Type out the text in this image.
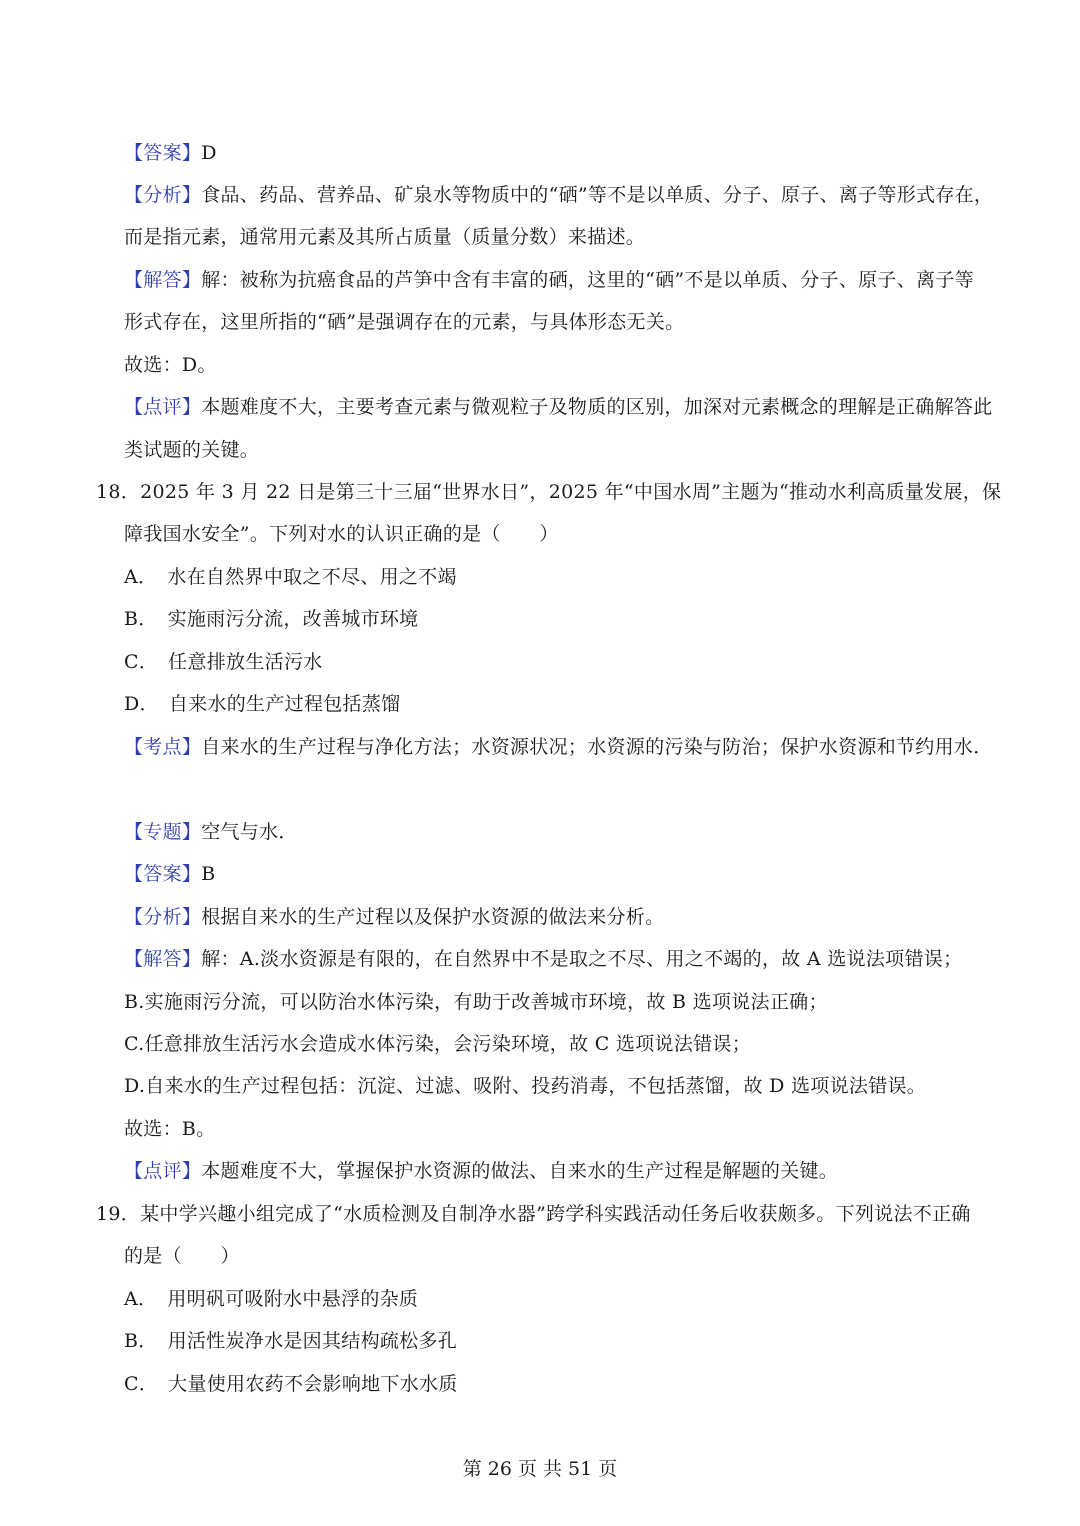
【答案】D
【分析】食品、药品、营养品、矿泉水等物质中的“硒”等不是以单质、分子、原子、离子等形式存在，
而是指元素，通常用元素及其所占质量（质量分数）来描述。
【解答】解：被称为抗癌食品的芦笋中含有丰富的硒，这里的“硒”不是以单质、分子、原子、离子等
形式存在，这里所指的“硒”是强调存在的元素，与具体形态无关。
故选：D。
【点评】本题难度不大，主要考查元素与微观粒子及物质的区别，加深对元素概念的理解是正确解答此
类试题的关键。
18．2025 年 3 月 22 日是第三十三届“世界水日”，2025 年“中国水周”主题为“推动水利高质量发展，保
障我国水安全”。下列对水的认识正确的是（　　）
A． 水在自然界中取之不尽、用之不竭
B． 实施雨污分流，改善城市环境
C． 任意排放生活污水
D． 自来水的生产过程包括蒸馏
【考点】自来水的生产过程与净化方法；水资源状况；水资源的污染与防治；保护水资源和节约用水．
【专题】空气与水．
【答案】B
【分析】根据自来水的生产过程以及保护水资源的做法来分析。
【解答】解：A.淡水资源是有限的，在自然界中不是取之不尽、用之不竭的，故 A 选说法项错误；
B.实施雨污分流，可以防治水体污染，有助于改善城市环境，故 B 选项说法正确；
C.任意排放生活污水会造成水体污染，会污染环境，故 C 选项说法错误；
D.自来水的生产过程包括：沉淀、过滤、吸附、投药消毒，不包括蒸馏，故 D 选项说法错误。
故选：B。
【点评】本题难度不大，掌握保护水资源的做法、自来水的生产过程是解题的关键。
19．某中学兴趣小组完成了“水质检测及自制净水器”跨学科实践活动任务后收获颇多。下列说法不正确
的是（　　）
A． 用明矾可吸附水中悬浮的杂质
B． 用活性炭净水是因其结构疏松多孔
C． 大量使用农药不会影响地下水水质
第 26 页 共 51 页
